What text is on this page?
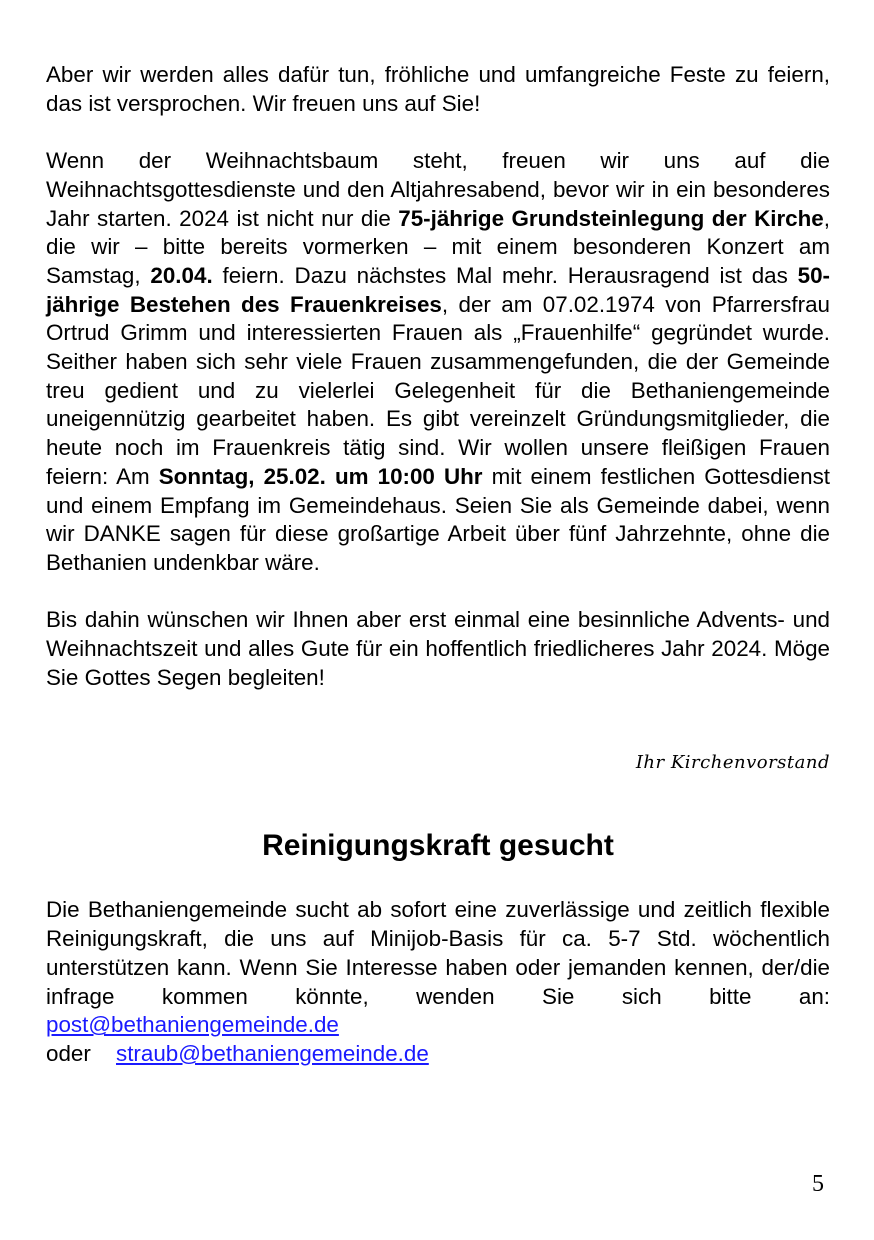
Aber wir werden alles dafür tun, fröhliche und umfangreiche Feste zu feiern, das ist versprochen. Wir freuen uns auf Sie!

Wenn der Weihnachtsbaum steht, freuen wir uns auf die Weihnachtsgottesdienste und den Altjahresabend, bevor wir in ein besonderes Jahr starten. 2024 ist nicht nur die 75-jährige Grundsteinlegung der Kirche, die wir – bitte bereits vormerken – mit einem besonderen Konzert am Samstag, 20.04. feiern. Dazu nächstes Mal mehr. Herausragend ist das 50-jährige Bestehen des Frauenkreises, der am 07.02.1974 von Pfarrersfrau Ortrud Grimm und interessierten Frauen als „Frauenhilfe“ gegründet wurde. Seither haben sich sehr viele Frauen zusammengefunden, die der Gemeinde treu gedient und zu vielerlei Gelegenheit für die Bethaniengemeinde uneigennützig gearbeitet haben. Es gibt vereinzelt Gründungsmitglieder, die heute noch im Frauenkreis tätig sind. Wir wollen unsere fleißigen Frauen feiern: Am Sonntag, 25.02. um 10:00 Uhr mit einem festlichen Gottesdienst und einem Empfang im Gemeindehaus. Seien Sie als Gemeinde dabei, wenn wir DANKE sagen für diese großartige Arbeit über fünf Jahrzehnte, ohne die Bethanien undenkbar wäre.

Bis dahin wünschen wir Ihnen aber erst einmal eine besinnliche Advents- und Weihnachtszeit und alles Gute für ein hoffentlich friedlicheres Jahr 2024. Möge Sie Gottes Segen begleiten!

Ihr Kirchenvorstand
Reinigungskraft gesucht

Die Bethaniengemeinde sucht ab sofort eine zuverlässige und zeitlich flexible Reinigungskraft, die uns auf Minijob-Basis für ca. 5-7 Std. wöchentlich unterstützen kann. Wenn Sie Interesse haben oder jemanden kennen, der/die infrage kommen könnte, wenden Sie sich bitte an: post@bethaniengemeinde.de

oder straub@bethaniengemeinde.de

5
